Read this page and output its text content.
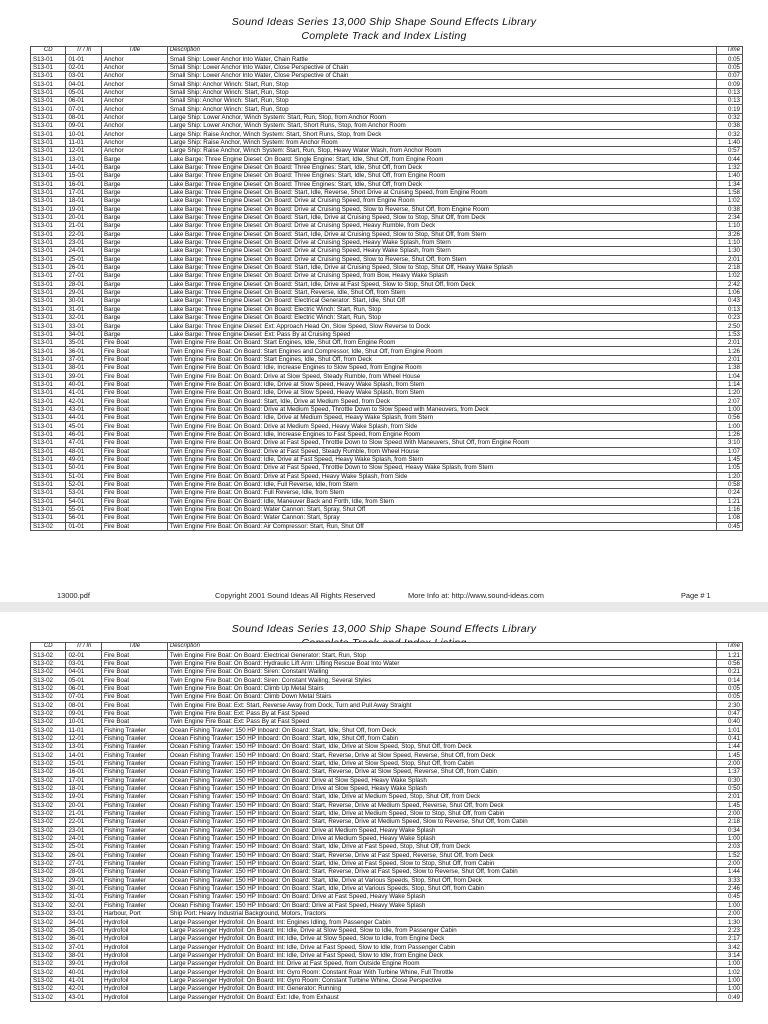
Sound Ideas Series 13,000 Ship Shape Sound Effects Library
Complete Track and Index Listing
CD	Tr / In	Title	Description	Time
S13-01	01-01	Anchor	Small Ship: Lower Anchor Into Water, Chain Rattle	0:05
S13-01	02-01	Anchor	Small Ship: Lower Anchor Into Water, Close Perspective of Chain	0:05
S13-01	03-01	Anchor	Small Ship: Lower Anchor Into Water, Close Perspective of Chain	0:07
S13-01	04-01	Anchor	Small Ship: Anchor Winch: Start, Run, Stop	0:09
S13-01	05-01	Anchor	Small Ship: Anchor Winch: Start, Run, Stop	0:13
S13-01	06-01	Anchor	Small Ship: Anchor Winch: Start, Run, Stop	0:13
S13-01	07-01	Anchor	Small Ship: Anchor Winch: Start, Run, Stop	0:19
S13-01	08-01	Anchor	Large Ship: Lower Anchor, Winch System: Start, Run, Stop, from Anchor Room	0:32
S13-01	09-01	Anchor	Large Ship: Lower Anchor, Winch System: Start, Short Runs, Stop, from Anchor Room	0:38
S13-01	10-01	Anchor	Large Ship: Raise Anchor, Winch System: Start, Short Runs, Stop, from Deck	0:32
S13-01	11-01	Anchor	Large Ship: Raise Anchor, Winch System: from Anchor Room	1:40
S13-01	12-01	Anchor	Large Ship: Raise Anchor, Winch System: Start, Run, Stop, Heavy Water Wash, from Anchor Room	0:57
S13-01	13-01	Barge	Lake Barge: Three Engine Diesel: On Board: Single Engine: Start, Idle, Shut Off, from Engine Room	0:44
S13-01	14-01	Barge	Lake Barge: Three Engine Diesel: On Board: Three Engines: Start, Idle, Shut Off, from Deck	1:32
S13-01	15-01	Barge	Lake Barge: Three Engine Diesel: On Board: Three Engines: Start, Idle, Shut Off, from Engine Room	1:40
S13-01	16-01	Barge	Lake Barge: Three Engine Diesel: On Board: Three Engines: Start, Idle, Shut Off, from Deck	1:34
S13-01	17-01	Barge	Lake Barge: Three Engine Diesel: On Board: Start, Idle, Reverse, Short Drive at Cruising Speed, from Engine Room	1:58
S13-01	18-01	Barge	Lake Barge: Three Engine Diesel: On Board: Drive at Cruising Speed, from Engine Room	1:02
S13-01	19-01	Barge	Lake Barge: Three Engine Diesel: On Board: Drive at Cruising Speed, Slow to Reverse, Shut Off, from Engine Room	0:38
S13-01	20-01	Barge	Lake Barge: Three Engine Diesel: On Board: Start, Idle, Drive at Cruising Speed, Slow to Stop, Shut Off, from Deck	2:34
S13-01	21-01	Barge	Lake Barge: Three Engine Diesel: On Board: Drive at Cruising Speed, Heavy Rumble, from Deck	1:10
S13-01	22-01	Barge	Lake Barge: Three Engine Diesel: On Board: Start, Idle, Drive at Cruising Speed, Slow to Stop, Shut Off, from Stern	3:26
S13-01	23-01	Barge	Lake Barge: Three Engine Diesel: On Board: Drive at Cruising Speed, Heavy Wake Splash, from Stern	1:10
S13-01	24-01	Barge	Lake Barge: Three Engine Diesel: On Board: Drive at Cruising Speed, Heavy Wake Splash, from Stern	1:30
S13-01	25-01	Barge	Lake Barge: Three Engine Diesel: On Board: Drive at Cruising Speed, Slow to Reverse, Shut Off, from Stern	2:01
S13-01	26-01	Barge	Lake Barge: Three Engine Diesel: On Board: Start, Idle, Drive at Cruising Speed, Slow to Stop, Shut Off, Heavy Wake Splash	2:18
S13-01	27-01	Barge	Lake Barge: Three Engine Diesel: On Board: Drive at Cruising Speed, from Bow, Heavy Wake Splash	1:02
S13-01	28-01	Barge	Lake Barge: Three Engine Diesel: On Board: Start, Idle, Drive at Fast Speed, Slow to Stop, Shut Off, from Deck	2:42
S13-01	29-01	Barge	Lake Barge: Three Engine Diesel: On Board: Start, Reverse, Idle, Shut Off, from Stern	1:06
S13-01	30-01	Barge	Lake Barge: Three Engine Diesel: On Board: Electrical Generator: Start, Idle, Shut Off	0:43
S13-01	31-01	Barge	Lake Barge: Three Engine Diesel: On Board: Electric Winch: Start, Run, Stop	0:13
S13-01	32-01	Barge	Lake Barge: Three Engine Diesel: On Board: Electric Winch: Start, Run, Stop	0:23
S13-01	33-01	Barge	Lake Barge: Three Engine Diesel: Ext: Approach Head On, Slow Speed, Slow Reverse to Dock	2:50
S13-01	34-01	Barge	Lake Barge: Three Engine Diesel: Ext: Pass By at Cruising Speed	1:53
S13-01	35-01	Fire Boat	Twin Engine Fire Boat: On Board: Start Engines, Idle, Shut Off, from Engine Room	2:01
S13-01	36-01	Fire Boat	Twin Engine Fire Boat: On Board: Start Engines and Compressor, Idle, Shut Off, from Engine Room	1:26
S13-01	37-01	Fire Boat	Twin Engine Fire Boat: On Board: Start Engines, Idle, Shut Off, from Deck	2:01
S13-01	38-01	Fire Boat	Twin Engine Fire Boat: On Board: Idle, Increase Engines to Slow Speed, from Engine Room	1:38
S13-01	39-01	Fire Boat	Twin Engine Fire Boat: On Board: Drive at Slow Speed, Steady Rumble, from Wheel House	1:04
S13-01	40-01	Fire Boat	Twin Engine Fire Boat: On Board: Idle, Drive at Slow Speed, Heavy Wake Splash, from Stern	1:14
S13-01	41-01	Fire Boat	Twin Engine Fire Boat: On Board: Idle, Drive at Slow Speed, Heavy Wake Splash, from Stern	1:20
S13-01	42-01	Fire Boat	Twin Engine Fire Boat: On Board: Start, Idle, Drive at Medium Speed, from Deck	2:07
S13-01	43-01	Fire Boat	Twin Engine Fire Boat: On Board: Drive at Medium Speed, Throttle Down to Slow Speed with Maneuvers, from Deck	1:00
S13-01	44-01	Fire Boat	Twin Engine Fire Boat: On Board: Idle, Drive at Medium Speed, Heavy Wake Splash, from Stern	0:56
S13-01	45-01	Fire Boat	Twin Engine Fire Boat: On Board: Drive at Medium Speed, Heavy Wake Splash, from Side	1:00
S13-01	46-01	Fire Boat	Twin Engine Fire Boat: On Board: Idle, Increase Engines to Fast Speed, from Engine Room	1:26
S13-01	47-01	Fire Boat	Twin Engine Fire Boat: On Board: Drive at Fast Speed, Throttle Down to Slow Speed With Maneuvers, Shut Off, from Engine Room	3:10
S13-01	48-01	Fire Boat	Twin Engine Fire Boat: On Board: Drive at Fast Speed, Steady Rumble, from Wheel House	1:07
S13-01	49-01	Fire Boat	Twin Engine Fire Boat: On Board: Idle, Drive at Fast Speed, Heavy Wake Splash, from Stern	1:45
S13-01	50-01	Fire Boat	Twin Engine Fire Boat: On Board: Drive at Fast Speed, Throttle Down to Slow Speed, Heavy Wake Splash, from Stern	1:05
S13-01	51-01	Fire Boat	Twin Engine Fire Boat: On Board: Drive at Fast Speed, Heavy Wake Splash, from Side	1:20
S13-01	52-01	Fire Boat	Twin Engine Fire Boat: On Board: Idle, Full Reverse, Idle, from Stern	0:58
S13-01	53-01	Fire Boat	Twin Engine Fire Boat: On Board: Full Reverse, Idle, from Stern	0:24
S13-01	54-01	Fire Boat	Twin Engine Fire Boat: On Board: Idle, Maneuver Back and Forth, Idle, from Stern	1:21
S13-01	55-01	Fire Boat	Twin Engine Fire Boat: On Board: Water Cannon: Start, Spray, Shut Off	1:16
S13-01	56-01	Fire Boat	Twin Engine Fire Boat: On Board: Water Cannon: Start, Spray	1:08
S13-02	01-01	Fire Boat	Twin Engine Fire Boat: On Board: Air Compressor: Start, Run, Shut Off	0:45
13000.pdf	Copyright 2001 Sound Ideas All Rights Reserved	More Info at: http://www.sound-ideas.com	Page # 1
Sound Ideas Series 13,000 Ship Shape Sound Effects Library
CD	Tr / In	Title	Description	Time
S13-02	02-01	Fire Boat	Twin Engine Fire Boat: On Board: Electrical Generator: Start, Run, Stop	1:21
S13-02	03-01	Fire Boat	Twin Engine Fire Boat: On Board: Hydraulic Lift Arm: Lifting Rescue Boat Into Water	0:56
S13-02	04-01	Fire Boat	Twin Engine Fire Boat: On Board: Siren: Constant Wailing	0:21
S13-02	05-01	Fire Boat	Twin Engine Fire Boat: On Board: Siren: Constant Wailing, Several Styles	0:14
S13-02	06-01	Fire Boat	Twin Engine Fire Boat: On Board: Climb Up Metal Stairs	0:05
S13-02	07-01	Fire Boat	Twin Engine Fire Boat: On Board: Climb Down Metal Stairs	0:05
S13-02	08-01	Fire Boat	Twin Engine Fire Boat: Ext: Start, Reverse Away from Dock, Turn and Pull Away Straight	2:30
S13-02	09-01	Fire Boat	Twin Engine Fire Boat: Ext: Pass By at Fast Speed	0:47
S13-02	10-01	Fire Boat	Twin Engine Fire Boat: Ext: Pass By at Fast Speed	0:40
S13-02	11-01	Fishing Trawler	Ocean Fishing Trawler: 150 HP Inboard: On Board: Start, Idle, Shut Off, from Deck	1:01
S13-02	12-01	Fishing Trawler	Ocean Fishing Trawler: 150 HP Inboard: On Board: Start, Idle, Shut Off, from Cabin	0:41
S13-02	13-01	Fishing Trawler	Ocean Fishing Trawler: 150 HP Inboard: On Board: Start, Idle, Drive at Slow Speed, Stop, Shut Off, from Deck	1:44
S13-02	14-01	Fishing Trawler	Ocean Fishing Trawler: 150 HP Inboard: On Board: Start, Reverse, Drive at Slow Speed, Reverse, Shut Off, from Deck	1:45
S13-02	15-01	Fishing Trawler	Ocean Fishing Trawler: 150 HP Inboard: On Board: Start, Idle, Drive at Slow Speed, Stop, Shut Off, from Cabin	2:00
S13-02	16-01	Fishing Trawler	Ocean Fishing Trawler: 150 HP Inboard: On Board: Start, Reverse, Drive at Slow Speed, Reverse, Shut Off, from Cabin	1:37
S13-02	17-01	Fishing Trawler	Ocean Fishing Trawler: 150 HP Inboard: On Board: Drive at Slow Speed, Heavy Wake Splash	0:30
S13-02	18-01	Fishing Trawler	Ocean Fishing Trawler: 150 HP Inboard: On Board: Drive at Slow Speed, Heavy Wake Splash	0:50
S13-02	19-01	Fishing Trawler	Ocean Fishing Trawler: 150 HP Inboard: On Board: Start, Idle, Drive at Medium Speed, Stop, Shut Off, from Deck	2:01
S13-02	20-01	Fishing Trawler	Ocean Fishing Trawler: 150 HP Inboard: On Board: Start, Reverse, Drive at Medium Speed, Reverse, Shut Off, from Deck	1:45
S13-02	21-01	Fishing Trawler	Ocean Fishing Trawler: 150 HP Inboard: On Board: Start, Idle, Drive at Medium Speed, Slow to Stop, Shut Off, from Cabin	2:00
S13-02	22-01	Fishing Trawler	Ocean Fishing Trawler: 150 HP Inboard: On Board: Start, Reverse, Drive at Medium Speed, Slow to Reverse, Shut Off, from Cabin	2:18
S13-02	23-01	Fishing Trawler	Ocean Fishing Trawler: 150 HP Inboard: On Board: Drive at Medium Speed, Heavy Wake Splash	0:34
S13-02	24-01	Fishing Trawler	Ocean Fishing Trawler: 150 HP Inboard: On Board: Drive at Medium Speed, Heavy Wake Splash	1:00
S13-02	25-01	Fishing Trawler	Ocean Fishing Trawler: 150 HP Inboard: On Board: Start, Idle, Drive at Fast Speed, Stop, Shut Off, from Deck	2:03
S13-02	26-01	Fishing Trawler	Ocean Fishing Trawler: 150 HP Inboard: On Board: Start, Reverse, Drive at Fast Speed, Reverse, Shut Off, from Deck	1:52
S13-02	27-01	Fishing Trawler	Ocean Fishing Trawler: 150 HP Inboard: On Board: Start, Idle, Drive at Fast Speed, Slow to Stop, Shut Off, from Cabin	2:00
S13-02	28-01	Fishing Trawler	Ocean Fishing Trawler: 150 HP Inboard: On Board: Start, Reverse, Drive at Fast Speed, Slow to Reverse, Shut Off, from Cabin	1:44
S13-02	29-01	Fishing Trawler	Ocean Fishing Trawler: 150 HP Inboard: On Board: Start, Idle, Drive at Various Speeds, Stop, Shut Off, from Deck	3:33
S13-02	30-01	Fishing Trawler	Ocean Fishing Trawler: 150 HP Inboard: On Board: Start, Idle, Drive at Various Speeds, Stop, Shut Off, from Cabin	2:46
S13-02	31-01	Fishing Trawler	Ocean Fishing Trawler: 150 HP Inboard: On Board: Drive at Fast Speed, Heavy Wake Splash	0:45
S13-02	32-01	Fishing Trawler	Ocean Fishing Trawler: 150 HP Inboard: On Board: Drive at Fast Speed, Heavy Wake Splash	1:00
S13-02	33-01	Harbour, Port	Ship Port: Heavy Industrial Background, Motors, Tractors	2:00
S13-02	34-01	Hydrofoil	Large Passenger Hydrofoil: On Board: Int: Engines Idling, from Passenger Cabin	1:30
S13-02	35-01	Hydrofoil	Large Passenger Hydrofoil: On Board: Int: Idle, Drive at Slow Speed, Slow to Idle, from Passenger Cabin	2:23
S13-02	36-01	Hydrofoil	Large Passenger Hydrofoil: On Board: Int: Idle, Drive at Slow Speed, Slow to Idle, from Engine Deck	2:17
S13-02	37-01	Hydrofoil	Large Passenger Hydrofoil: On Board: Int: Idle, Drive at Fast Speed, Slow to Idle, from Passenger Cabin	3:42
S13-02	38-01	Hydrofoil	Large Passenger Hydrofoil: On Board: Int: Idle, Drive at Fast Speed, Slow to Idle, from Engine Deck	3:14
S13-02	39-01	Hydrofoil	Large Passenger Hydrofoil: On Board: Int: Drive at Fast Speed, from Outside Engine Room	1:00
S13-02	40-01	Hydrofoil	Large Passenger Hydrofoil: On Board: Int: Gyro Room: Constant Roar With Turbine Whine, Full Throttle	1:02
S13-02	41-01	Hydrofoil	Large Passenger Hydrofoil: On Board: Int: Gyro Room: Constant Turbine Whine, Close Perspective	1:00
S13-02	42-01	Hydrofoil	Large Passenger Hydrofoil: On Board: Int: Generator: Running	1:00
S13-02	43-01	Hydrofoil	Large Passenger Hydrofoil: On Board: Ext: Idle, from Exhaust	0:49
